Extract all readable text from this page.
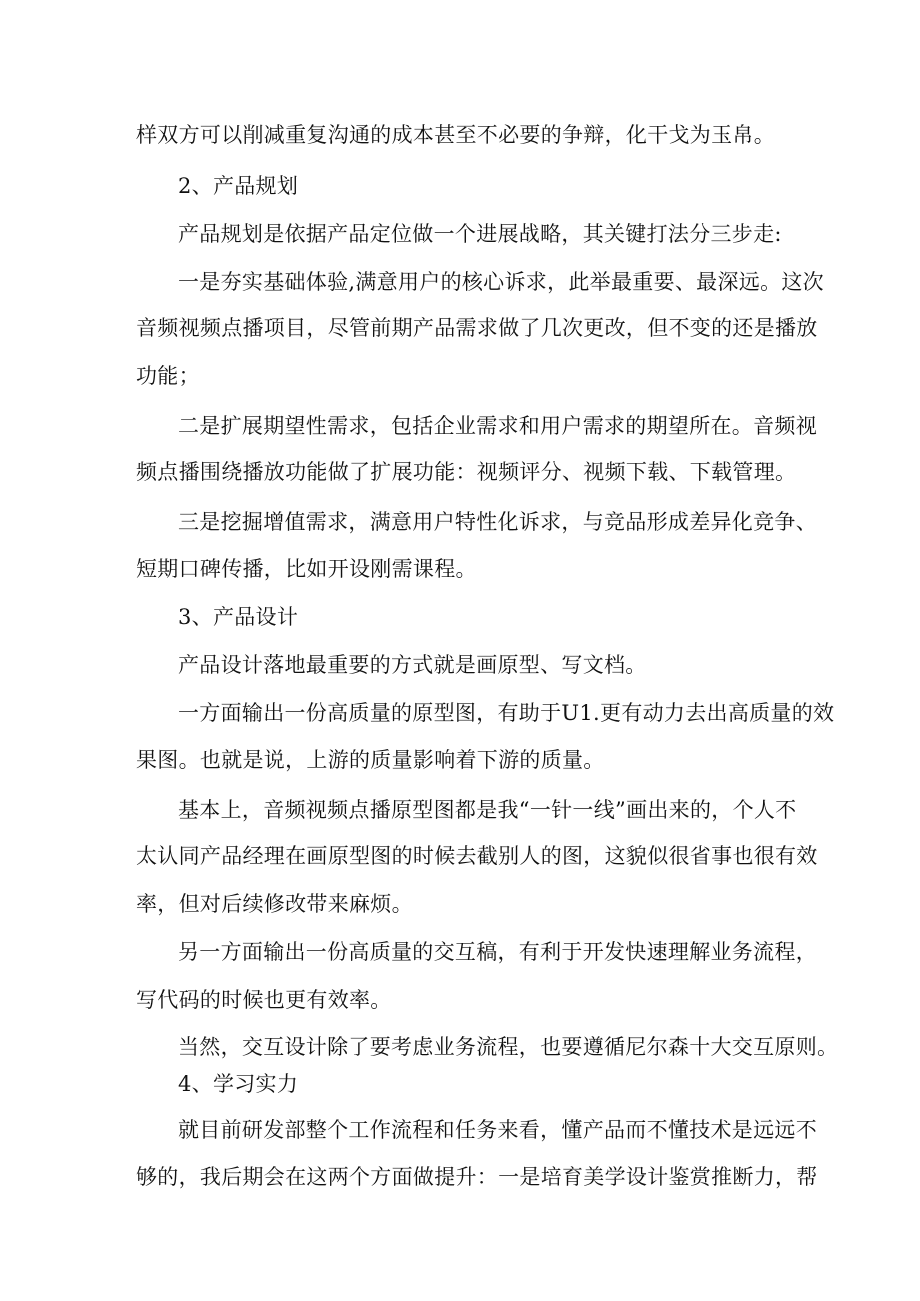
样双方可以削减重复沟通的成本甚至不必要的争辩，化干戈为玉帛。

2、产品规划

产品规划是依据产品定位做一个进展战略，其关键打法分三步走:

一是夯实基础体验,满意用户的核心诉求，此举最重要、最深远。这次

音频视频点播项目，尽管前期产品需求做了几次更改，但不变的还是播放

功能；

二是扩展期望性需求，包括企业需求和用户需求的期望所在。音频视

频点播围绕播放功能做了扩展功能：视频评分、视频下载、下载管理。

三是挖掘增值需求，满意用户特性化诉求，与竞品形成差异化竞争、

短期口碑传播，比如开设刚需课程。

3、产品设计

产品设计落地最重要的方式就是画原型、写文档。

一方面输出一份高质量的原型图，有助于U1.更有动力去出高质量的效

果图。也就是说，上游的质量影响着下游的质量。

基本上，音频视频点播原型图都是我“一针一线”画出来的，个人不

太认同产品经理在画原型图的时候去截别人的图，这貌似很省事也很有效

率，但对后续修改带来麻烦。

另一方面输出一份高质量的交互稿，有利于开发快速理解业务流程，

写代码的时候也更有效率。

当然，交互设计除了要考虑业务流程，也要遵循尼尔森十大交互原则。

4、学习实力

就目前研发部整个工作流程和任务来看，懂产品而不懂技术是远远不

够的，我后期会在这两个方面做提升：一是培育美学设计鉴赏推断力，帮
